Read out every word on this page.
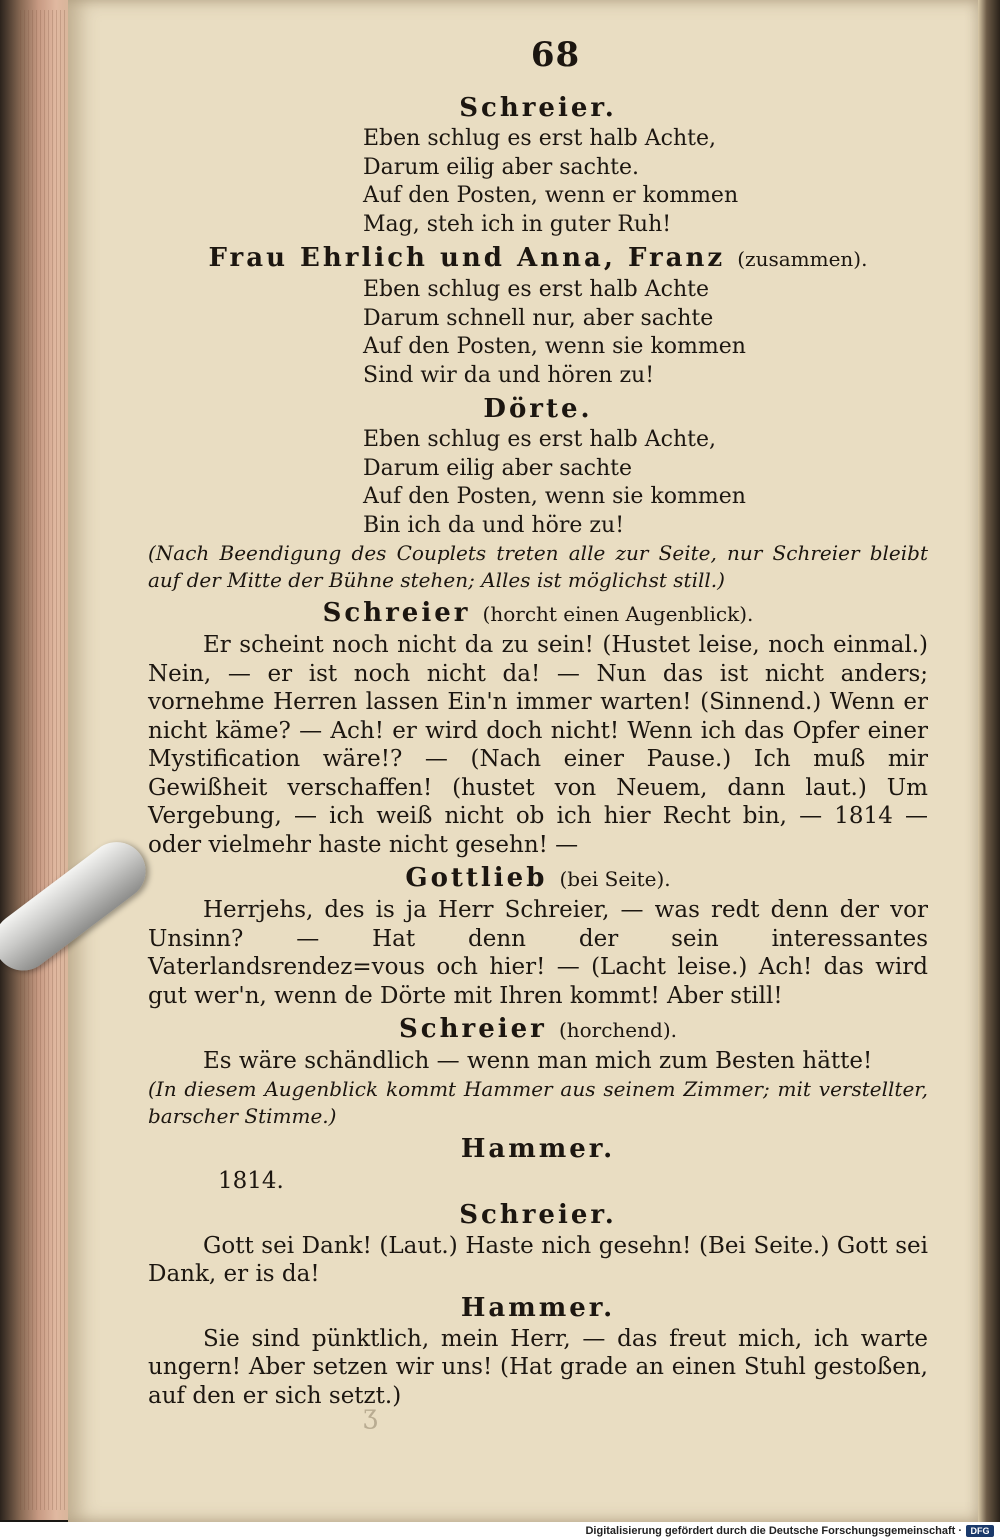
68
Schreier.
Eben schlug es erst halb Achte,
Darum eilig aber sachte.
Auf den Posten, wenn er kommen
Mag, steh ich in guter Ruh!
Frau Ehrlich und Anna, Franz (zusammen).
Eben schlug es erst halb Achte
Darum schnell nur, aber sachte
Auf den Posten, wenn sie kommen
Sind wir da und hören zu!
Dörte.
Eben schlug es erst halb Achte,
Darum eilig aber sachte
Auf den Posten, wenn sie kommen
Bin ich da und höre zu!

(Nach Beendigung des Couplets treten alle zur Seite, nur Schreier bleibt auf der Mitte der Bühne stehen; Alles ist möglichst still.)

Schreier (horcht einen Augenblick).

Er scheint noch nicht da zu sein! (Hustet leise, noch einmal.) Nein, — er ist noch nicht da! — Nun das ist nicht anders; vornehme Herren lassen Ein'n immer warten! (Sinnend.) Wenn er nicht käme? — Ach! er wird doch nicht! Wenn ich das Opfer einer Mystification wäre!? — (Nach einer Pause.) Ich muß mir Gewißheit verschaffen! (hustet von Neuem, dann laut.) Um Vergebung, — ich weiß nicht ob ich hier Recht bin, — 1814 — oder vielmehr haste nicht gesehn! —

Gottlieb (bei Seite).

Herrjehs, des is ja Herr Schreier, — was redt denn der vor Unsinn? — Hat denn der sein interessantes Vaterlandsrendez=vous och hier! — (Lacht leise.) Ach! das wird gut wer'n, wenn de Dörte mit Ihren kommt! Aber still!

Schreier (horchend).

Es wäre schändlich — wenn man mich zum Besten hätte!

(In diesem Augenblick kommt Hammer aus seinem Zimmer; mit verstellter, barscher Stimme.)

Hammer.
1814.
Schreier.

Gott sei Dank! (Laut.) Haste nich gesehn! (Bei Seite.) Gott sei Dank, er is da!

Hammer.

Sie sind pünktlich, mein Herr, — das freut mich, ich warte ungern! Aber setzen wir uns! (Hat grade an einen Stuhl gestoßen, auf den er sich setzt.)

ʒ
Digitalisierung gefördert durch die Deutsche Forschungsgemeinschaft · DFG
